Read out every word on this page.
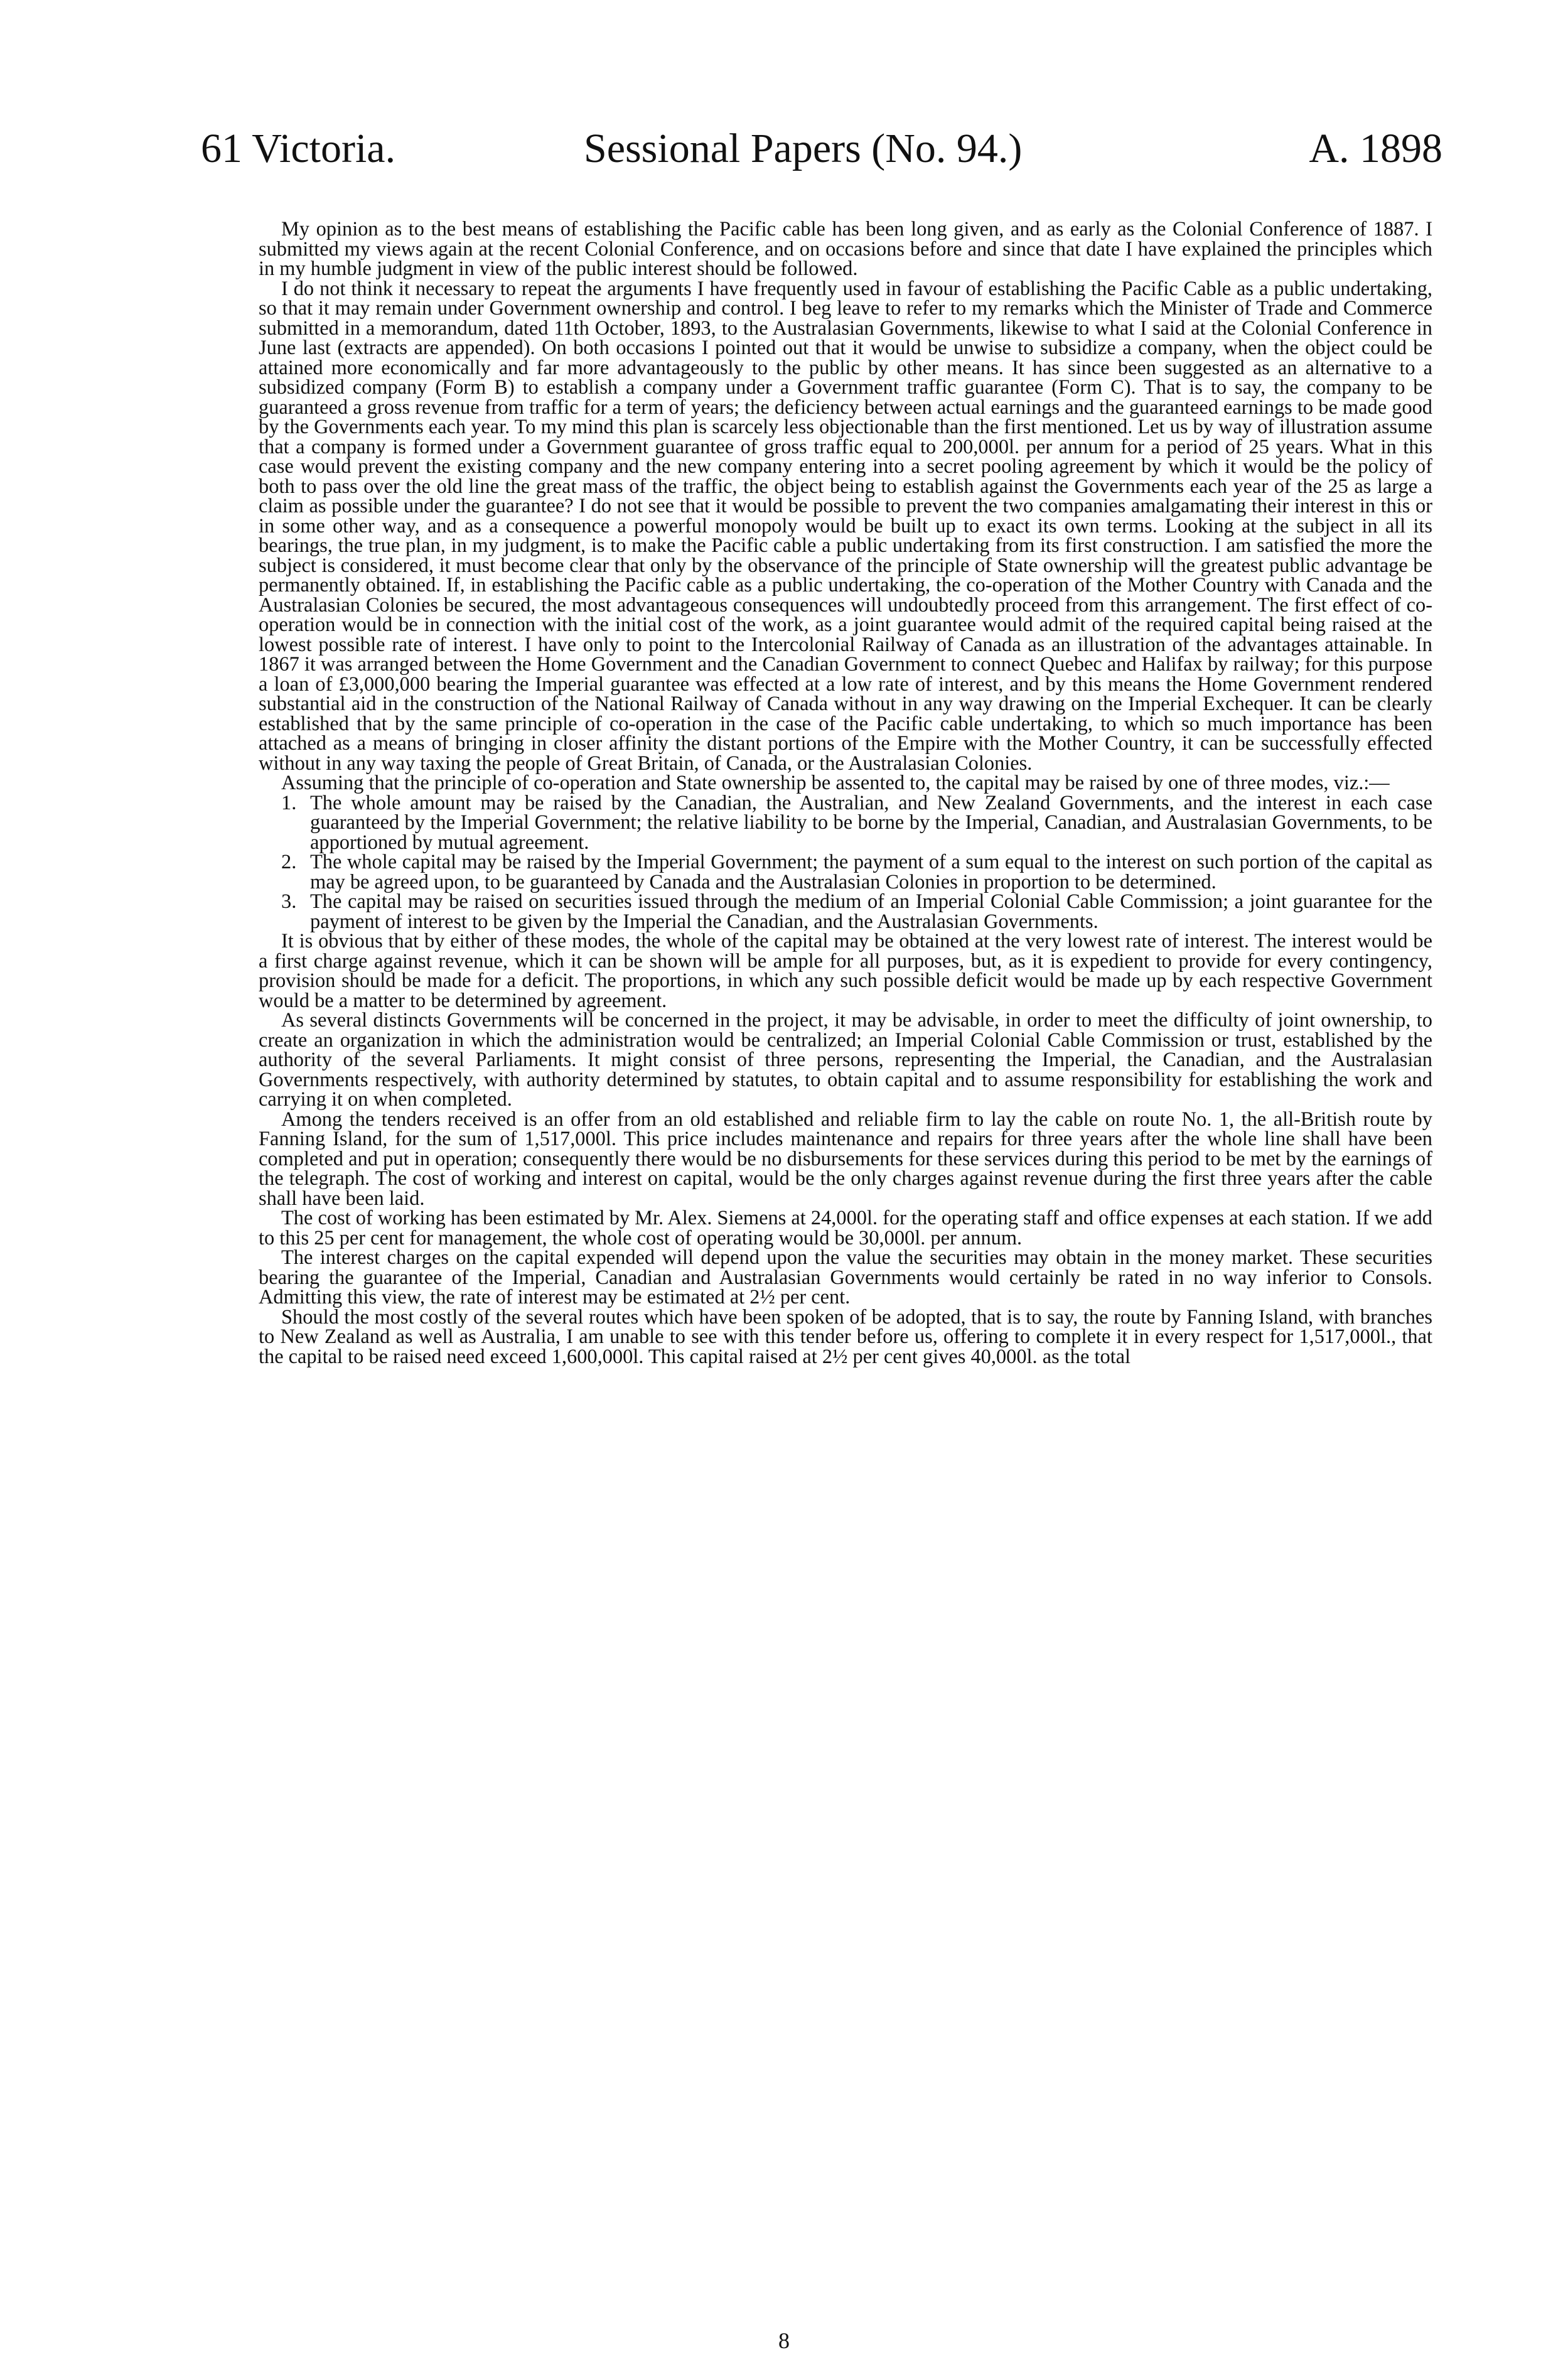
61 Victoria.	Sessional Papers (No. 94.)	A. 1898

My opinion as to the best means of establishing the Pacific cable has been long given, and as early as the Colonial Conference of 1887. I submitted my views again at the recent Colonial Conference, and on occasions before and since that date I have explained the principles which in my humble judgment in view of the public interest should be followed.

I do not think it necessary to repeat the arguments I have frequently used in favour of establishing the Pacific Cable as a public undertaking, so that it may remain under Government ownership and control. I beg leave to refer to my remarks which the Minister of Trade and Commerce submitted in a memorandum, dated 11th October, 1893, to the Australasian Governments, likewise to what I said at the Colonial Conference in June last (extracts are appended). On both occasions I pointed out that it would be unwise to subsidize a company, when the object could be attained more economically and far more advantageously to the public by other means. It has since been suggested as an alternative to a subsidized company (Form B) to establish a company under a Government traffic guarantee (Form C). That is to say, the company to be guaranteed a gross revenue from traffic for a term of years; the deficiency between actual earnings and the guaranteed earnings to be made good by the Governments each year. To my mind this plan is scarcely less objectionable than the first mentioned. Let us by way of illustration assume that a company is formed under a Government guarantee of gross traffic equal to 200,000l. per annum for a period of 25 years. What in this case would prevent the existing company and the new company entering into a secret pooling agreement by which it would be the policy of both to pass over the old line the great mass of the traffic, the object being to establish against the Governments each year of the 25 as large a claim as possible under the guarantee? I do not see that it would be possible to prevent the two companies amalgamating their interest in this or in some other way, and as a consequence a powerful monopoly would be built up to exact its own terms. Looking at the subject in all its bearings, the true plan, in my judgment, is to make the Pacific cable a public undertaking from its first construction. I am satisfied the more the subject is considered, it must become clear that only by the observance of the principle of State ownership will the greatest public advantage be permanently obtained. If, in establishing the Pacific cable as a public undertaking, the co-operation of the Mother Country with Canada and the Australasian Colonies be secured, the most advantageous consequences will undoubtedly proceed from this arrangement. The first effect of co-operation would be in connection with the initial cost of the work, as a joint guarantee would admit of the required capital being raised at the lowest possible rate of interest. I have only to point to the Intercolonial Railway of Canada as an illustration of the advantages attainable. In 1867 it was arranged between the Home Government and the Canadian Government to connect Quebec and Halifax by railway; for this purpose a loan of £3,000,000 bearing the Imperial guarantee was effected at a low rate of interest, and by this means the Home Government rendered substantial aid in the construction of the National Railway of Canada without in any way drawing on the Imperial Exchequer. It can be clearly established that by the same principle of co-operation in the case of the Pacific cable undertaking, to which so much importance has been attached as a means of bringing in closer affinity the distant portions of the Empire with the Mother Country, it can be successfully effected without in any way taxing the people of Great Britain, of Canada, or the Australasian Colonies.

Assuming that the principle of co-operation and State ownership be assented to, the capital may be raised by one of three modes, viz.:—

1. The whole amount may be raised by the Canadian, the Australian, and New Zealand Governments, and the interest in each case guaranteed by the Imperial Government; the relative liability to be borne by the Imperial, Canadian, and Australasian Governments, to be apportioned by mutual agreement.
2. The whole capital may be raised by the Imperial Government; the payment of a sum equal to the interest on such portion of the capital as may be agreed upon, to be guaranteed by Canada and the Australasian Colonies in proportion to be determined.
3. The capital may be raised on securities issued through the medium of an Imperial Colonial Cable Commission; a joint guarantee for the payment of interest to be given by the Imperial the Canadian, and the Australasian Governments.

It is obvious that by either of these modes, the whole of the capital may be obtained at the very lowest rate of interest. The interest would be a first charge against revenue, which it can be shown will be ample for all purposes, but, as it is expedient to provide for every contingency, provision should be made for a deficit. The proportions, in which any such possible deficit would be made up by each respective Government would be a matter to be determined by agreement.

As several distincts Governments will be concerned in the project, it may be advisable, in order to meet the difficulty of joint ownership, to create an organization in which the administration would be centralized; an Imperial Colonial Cable Commission or trust, established by the authority of the several Parliaments. It might consist of three persons, representing the Imperial, the Canadian, and the Australasian Governments respectively, with authority determined by statutes, to obtain capital and to assume responsibility for establishing the work and carrying it on when completed.

Among the tenders received is an offer from an old established and reliable firm to lay the cable on route No. 1, the all-British route by Fanning Island, for the sum of 1,517,000l. This price includes maintenance and repairs for three years after the whole line shall have been completed and put in operation; consequently there would be no disbursements for these services during this period to be met by the earnings of the telegraph. The cost of working and interest on capital, would be the only charges against revenue during the first three years after the cable shall have been laid.

The cost of working has been estimated by Mr. Alex. Siemens at 24,000l. for the operating staff and office expenses at each station. If we add to this 25 per cent for management, the whole cost of operating would be 30,000l. per annum.

The interest charges on the capital expended will depend upon the value the securities may obtain in the money market. These securities bearing the guarantee of the Imperial, Canadian and Australasian Governments would certainly be rated in no way inferior to Consols. Admitting this view, the rate of interest may be estimated at 2½ per cent.

Should the most costly of the several routes which have been spoken of be adopted, that is to say, the route by Fanning Island, with branches to New Zealand as well as Australia, I am unable to see with this tender before us, offering to complete it in every respect for 1,517,000l., that the capital to be raised need exceed 1,600,000l. This capital raised at 2½ per cent gives 40,000l. as the total

8
